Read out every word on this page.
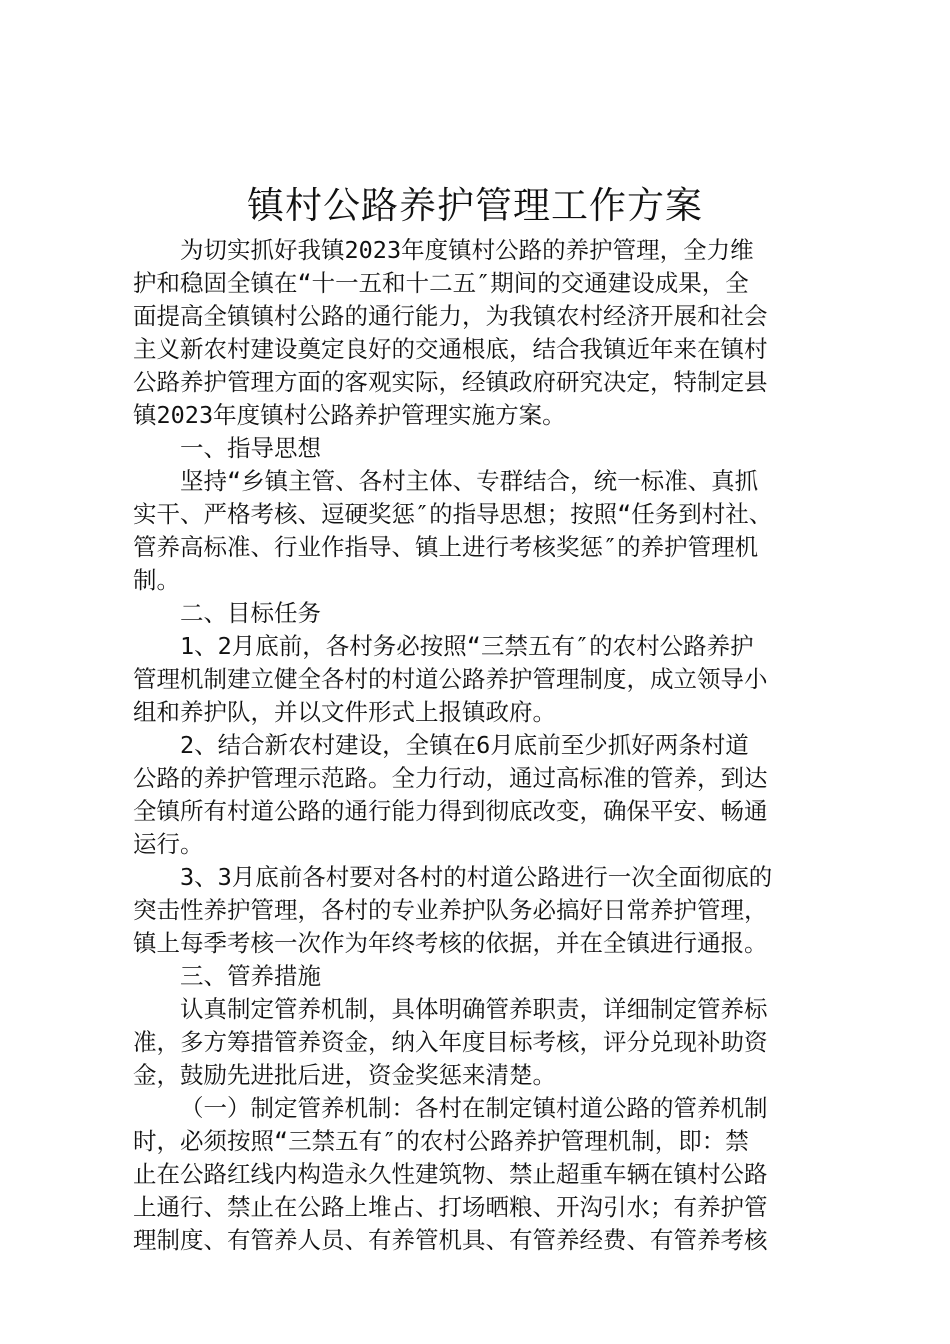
镇村公路养护管理工作方案
为切实抓好我镇2023年度镇村公路的养护管理，全力维
护和稳固全镇在“十一五和十二五″期间的交通建设成果，全
面提高全镇镇村公路的通行能力，为我镇农村经济开展和社会
主义新农村建设奠定良好的交通根底，结合我镇近年来在镇村
公路养护管理方面的客观实际，经镇政府研究决定，特制定县
镇2023年度镇村公路养护管理实施方案。
一、指导思想
坚持“乡镇主管、各村主体、专群结合，统一标准、真抓
实干、严格考核、逗硬奖惩″的指导思想；按照“任务到村社、
管养高标准、行业作指导、镇上进行考核奖惩″的养护管理机
制。
二、目标任务
1、2月底前，各村务必按照“三禁五有″的农村公路养护
管理机制建立健全各村的村道公路养护管理制度，成立领导小
组和养护队，并以文件形式上报镇政府。
2、结合新农村建设，全镇在6月底前至少抓好两条村道
公路的养护管理示范路。全力行动，通过高标准的管养，到达
全镇所有村道公路的通行能力得到彻底改变，确保平安、畅通
运行。
3、3月底前各村要对各村的村道公路进行一次全面彻底的
突击性养护管理，各村的专业养护队务必搞好日常养护管理，
镇上每季考核一次作为年终考核的依据，并在全镇进行通报。
三、管养措施
认真制定管养机制，具体明确管养职责，详细制定管养标
准，多方筹措管养资金，纳入年度目标考核，评分兑现补助资
金，鼓励先进批后进，资金奖惩来清楚。
（一）制定管养机制：各村在制定镇村道公路的管养机制
时，必须按照“三禁五有″的农村公路养护管理机制，即：禁
止在公路红线内构造永久性建筑物、禁止超重车辆在镇村公路
上通行、禁止在公路上堆占、打场晒粮、开沟引水；有养护管
理制度、有管养人员、有养管机具、有管养经费、有管养考核
